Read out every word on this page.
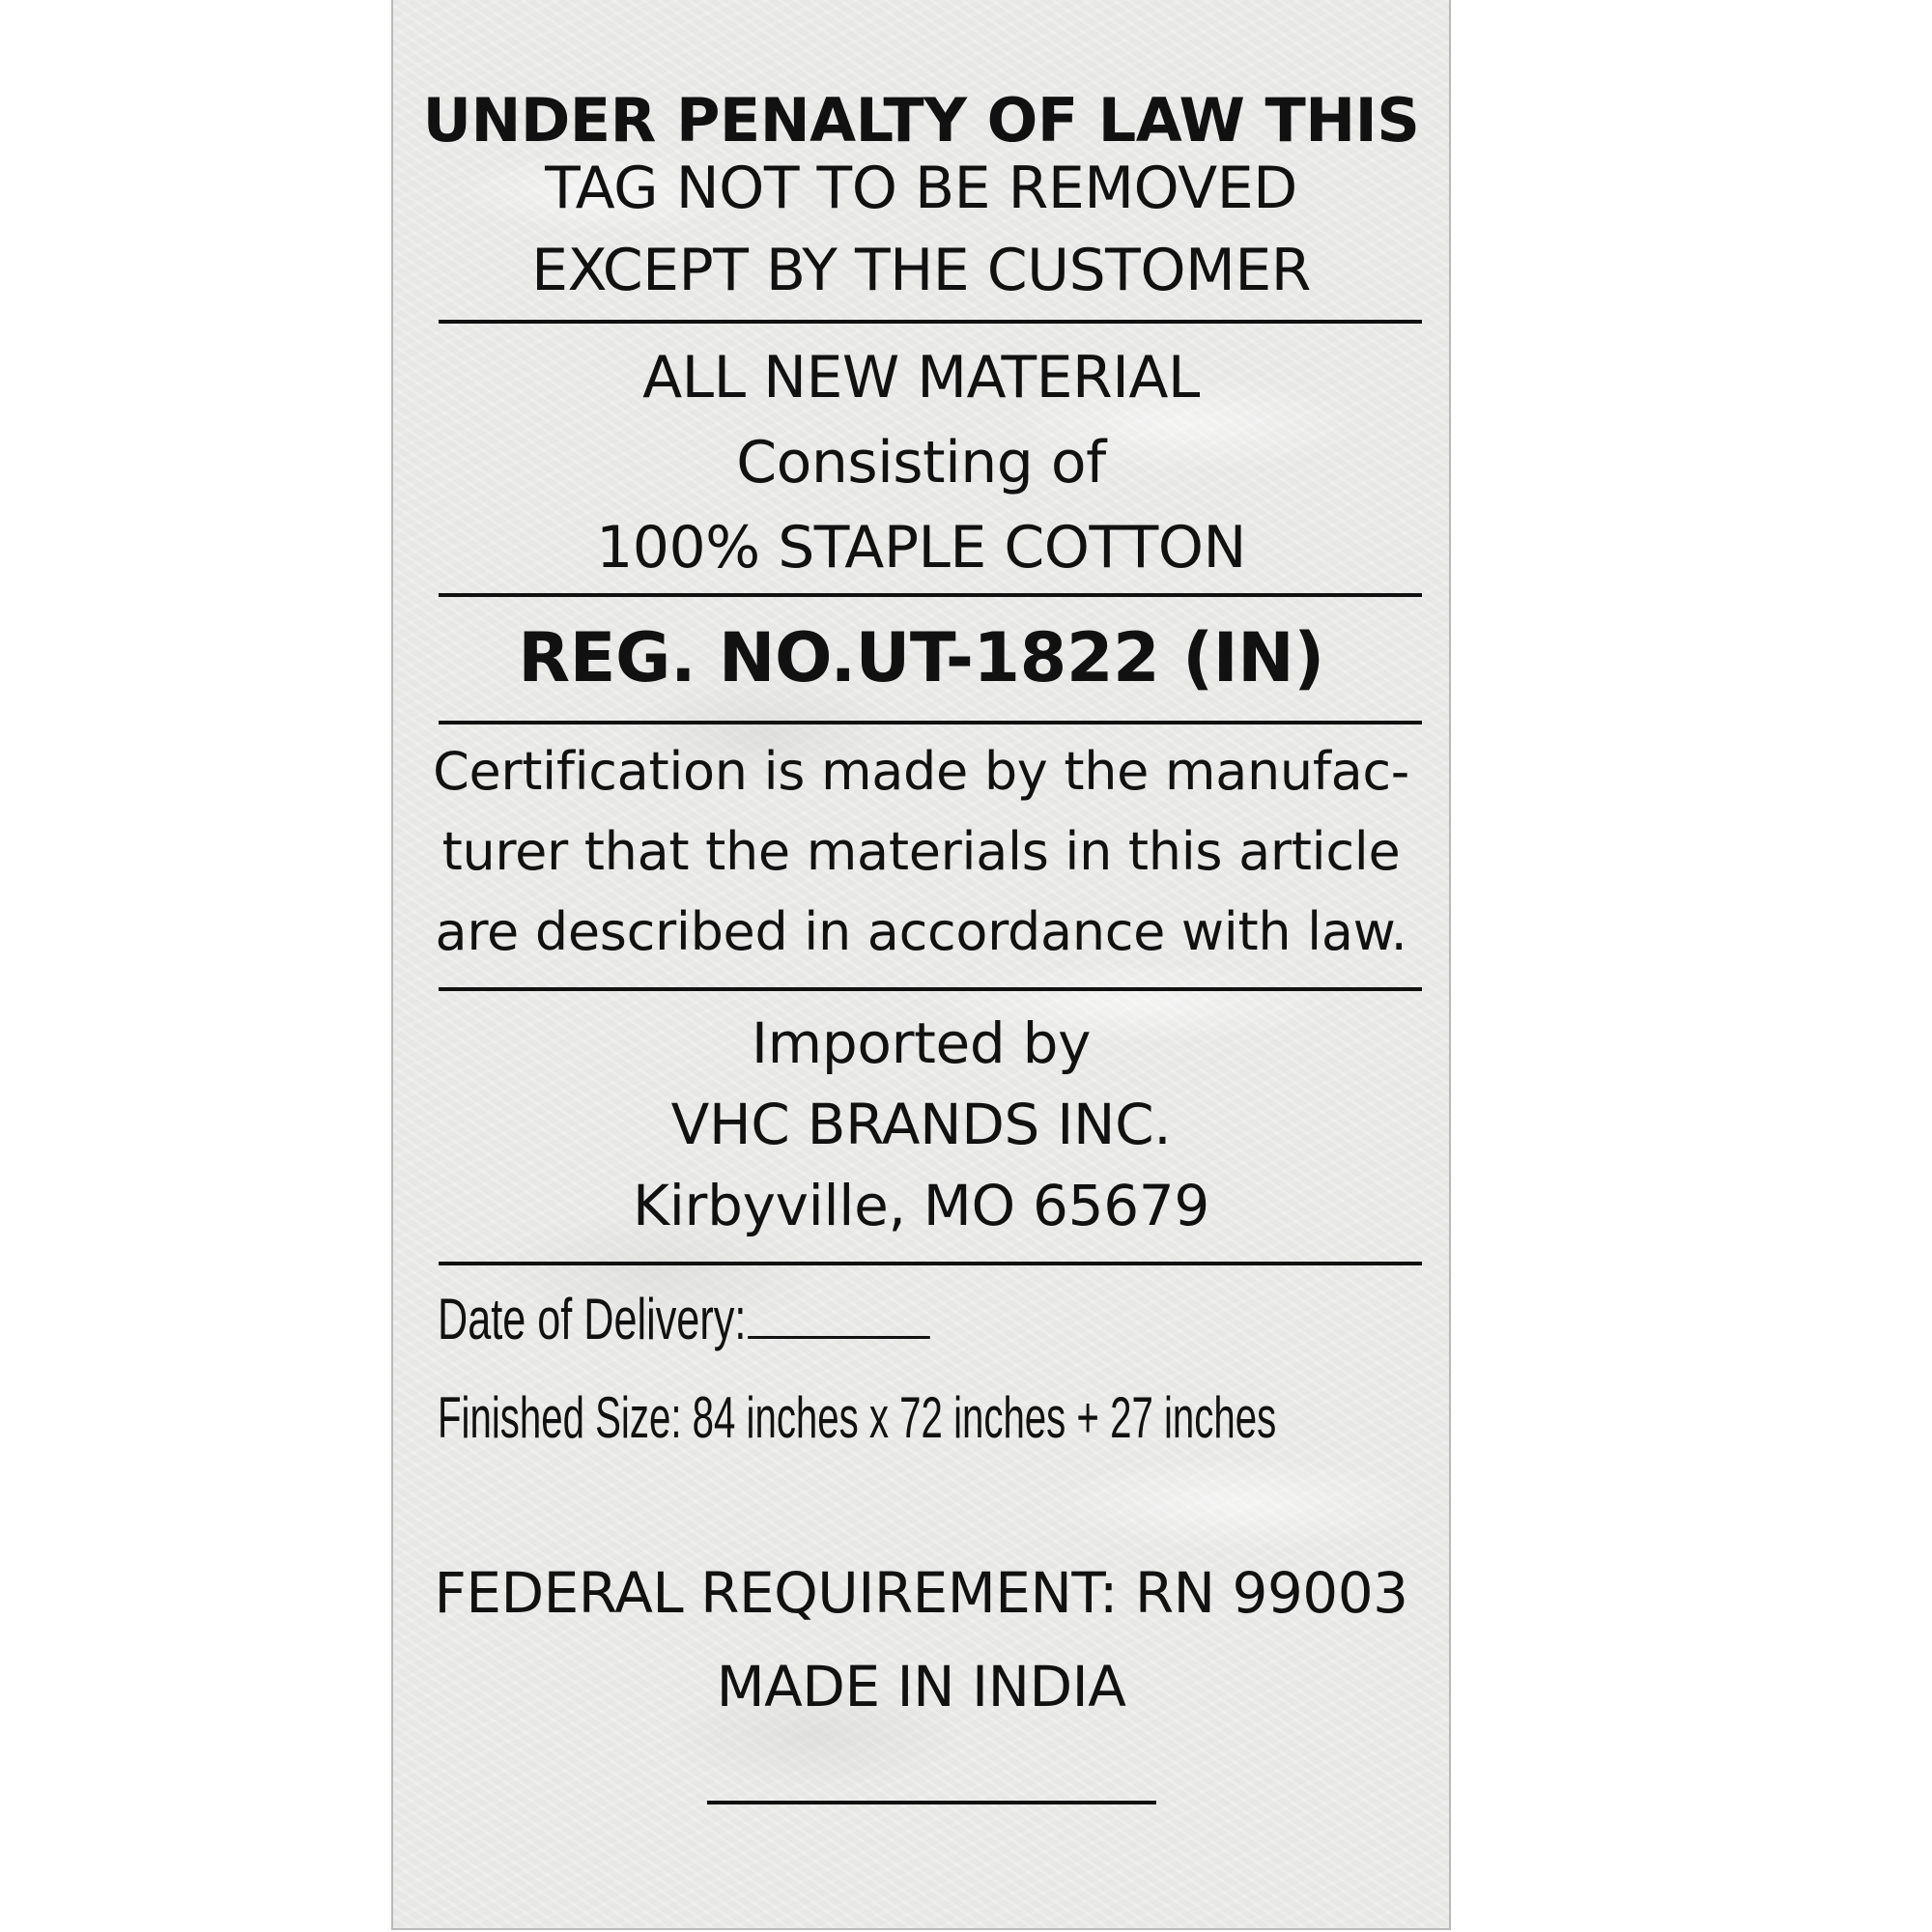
UNDER PENALTY OF LAW THIS
TAG NOT TO BE REMOVED
EXCEPT BY THE CUSTOMER
ALL NEW MATERIAL
Consisting of
100% STAPLE COTTON
REG. NO.UT-1822 (IN)
Certification is made by the manufac-
turer that the materials in this article
are described in accordance with law.
Imported by
VHC BRANDS INC.
Kirbyville, MO 65679
Date of Delivery:
Finished Size: 84 inches x 72 inches + 27 inches
FEDERAL REQUIREMENT: RN 99003
MADE IN INDIA
